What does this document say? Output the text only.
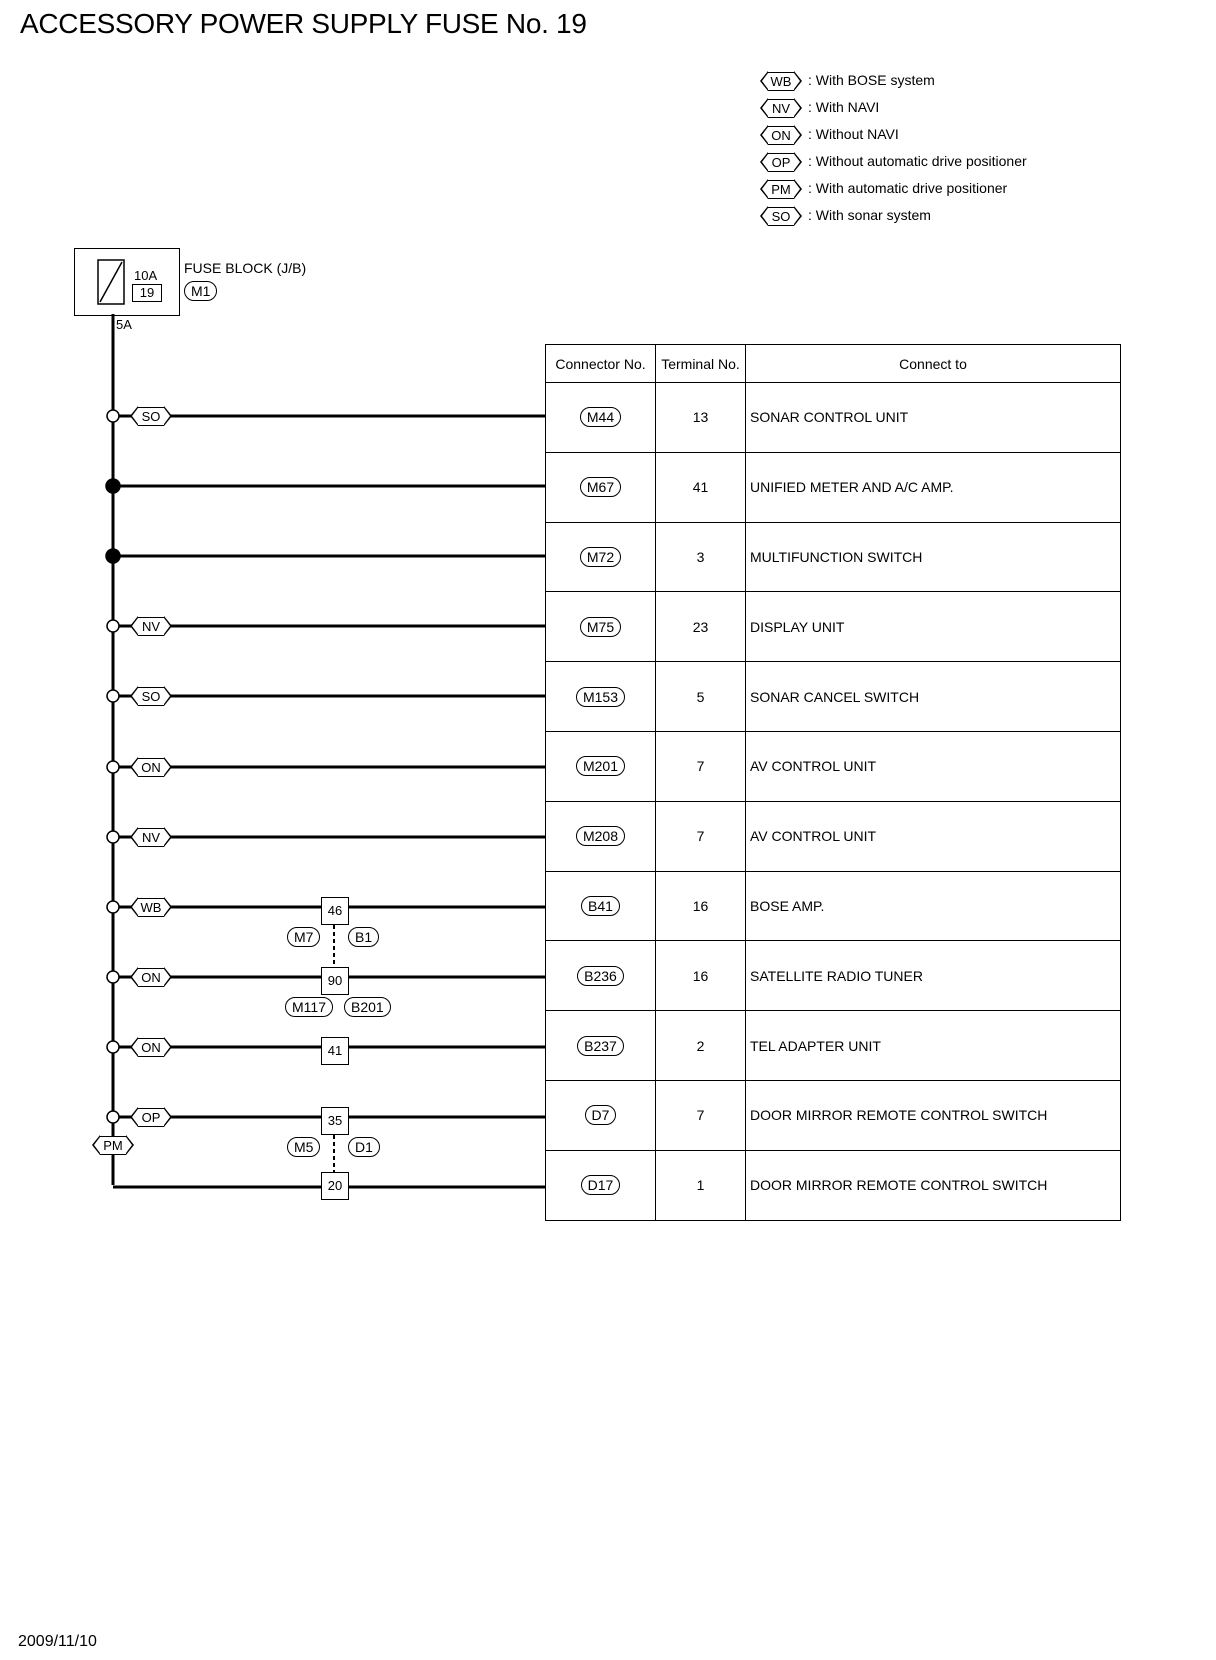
ACCESSORY POWER SUPPLY FUSE No. 19
WB : With BOSE system
NV : With NAVI
ON : Without NAVI
OP : Without automatic drive positioner
PM : With automatic drive positioner
SO : With sonar system
10A
19
FUSE BLOCK (J/B)
M1
5A
SO
NV
SO
ON
NV
WB
ON
ON
OP
46
M7	B1
90
M117	B201
41
35
M5	D1
20
PM
Connector No.	Terminal No.	Connect to
M44	13	SONAR CONTROL UNIT
M67	41	UNIFIED METER AND A/C AMP.
M72	3	MULTIFUNCTION SWITCH
M75	23	DISPLAY UNIT
M153	5	SONAR CANCEL SWITCH
M201	7	AV CONTROL UNIT
M208	7	AV CONTROL UNIT
B41	16	BOSE AMP.
B236	16	SATELLITE RADIO TUNER
B237	2	TEL ADAPTER UNIT
D7	7	DOOR MIRROR REMOTE CONTROL SWITCH
D17	1	DOOR MIRROR REMOTE CONTROL SWITCH
2009/11/10
